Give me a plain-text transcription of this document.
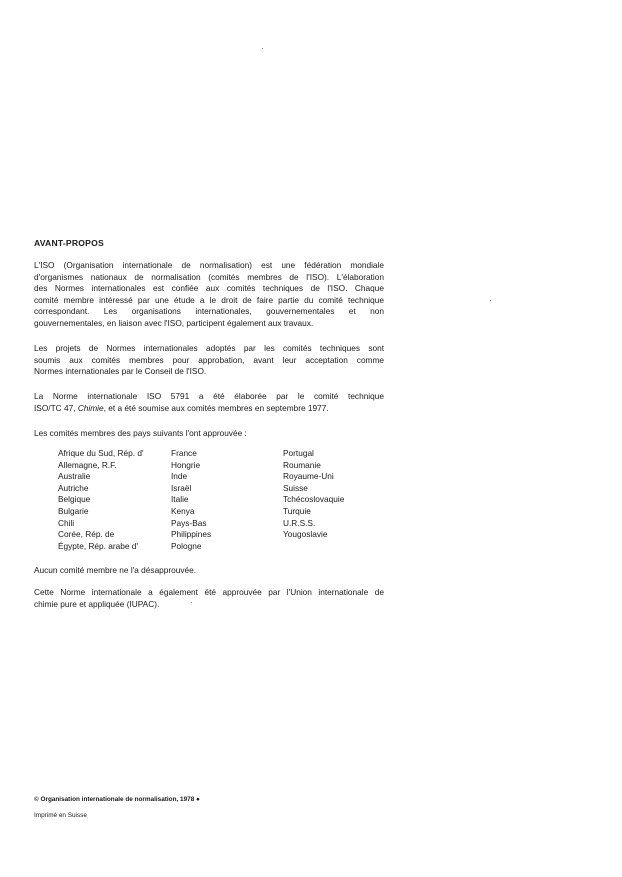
AVANT-PROPOS
L'ISO (Organisation internationale de normalisation) est une fédération mondiale
d'organismes nationaux de normalisation (comités membres de l'ISO). L'élaboration
des Normes internationales est confiée aux comités techniques de l'ISO. Chaque
comité membre intéressé par une étude a le droit de faire partie du comité technique
correspondant. Les organisations internationales, gouvernementales et non
gouvernementales, en liaison avec l'ISO, participent également aux travaux.
Les projets de Normes internationales adoptés par les comités techniques sont
soumis aux comités membres pour approbation, avant leur acceptation comme
Normes internationales par le Conseil de l'ISO.
La Norme internationale ISO 5791 a été élaborée par le comité technique
ISO/TC 47, Chimie, et a été soumise aux comités membres en septembre 1977.
Les comités membres des pays suivants l'ont approuvée :
Afrique du Sud, Rép. d'
Allemagne, R.F.
Australie
Autriche
Belgique
Bulgarie
Chili
Corée, Rép. de
Égypte, Rép. arabe d'
France
Hongrie
Inde
Israël
Italie
Kenya
Pays-Bas
Philippines
Pologne
Portugal
Roumanie
Royaume-Uni
Suisse
Tchécoslovaquie
Turquie
U.R.S.S.
Yougoslavie
Aucun comité membre ne l'a désapprouvée.
Cette Norme internationale a également été approuvée par l'Union internationale de
chimie pure et appliquée (IUPAC).
© Organisation internationale de normalisation, 1978 ●
Imprimé en Suisse
